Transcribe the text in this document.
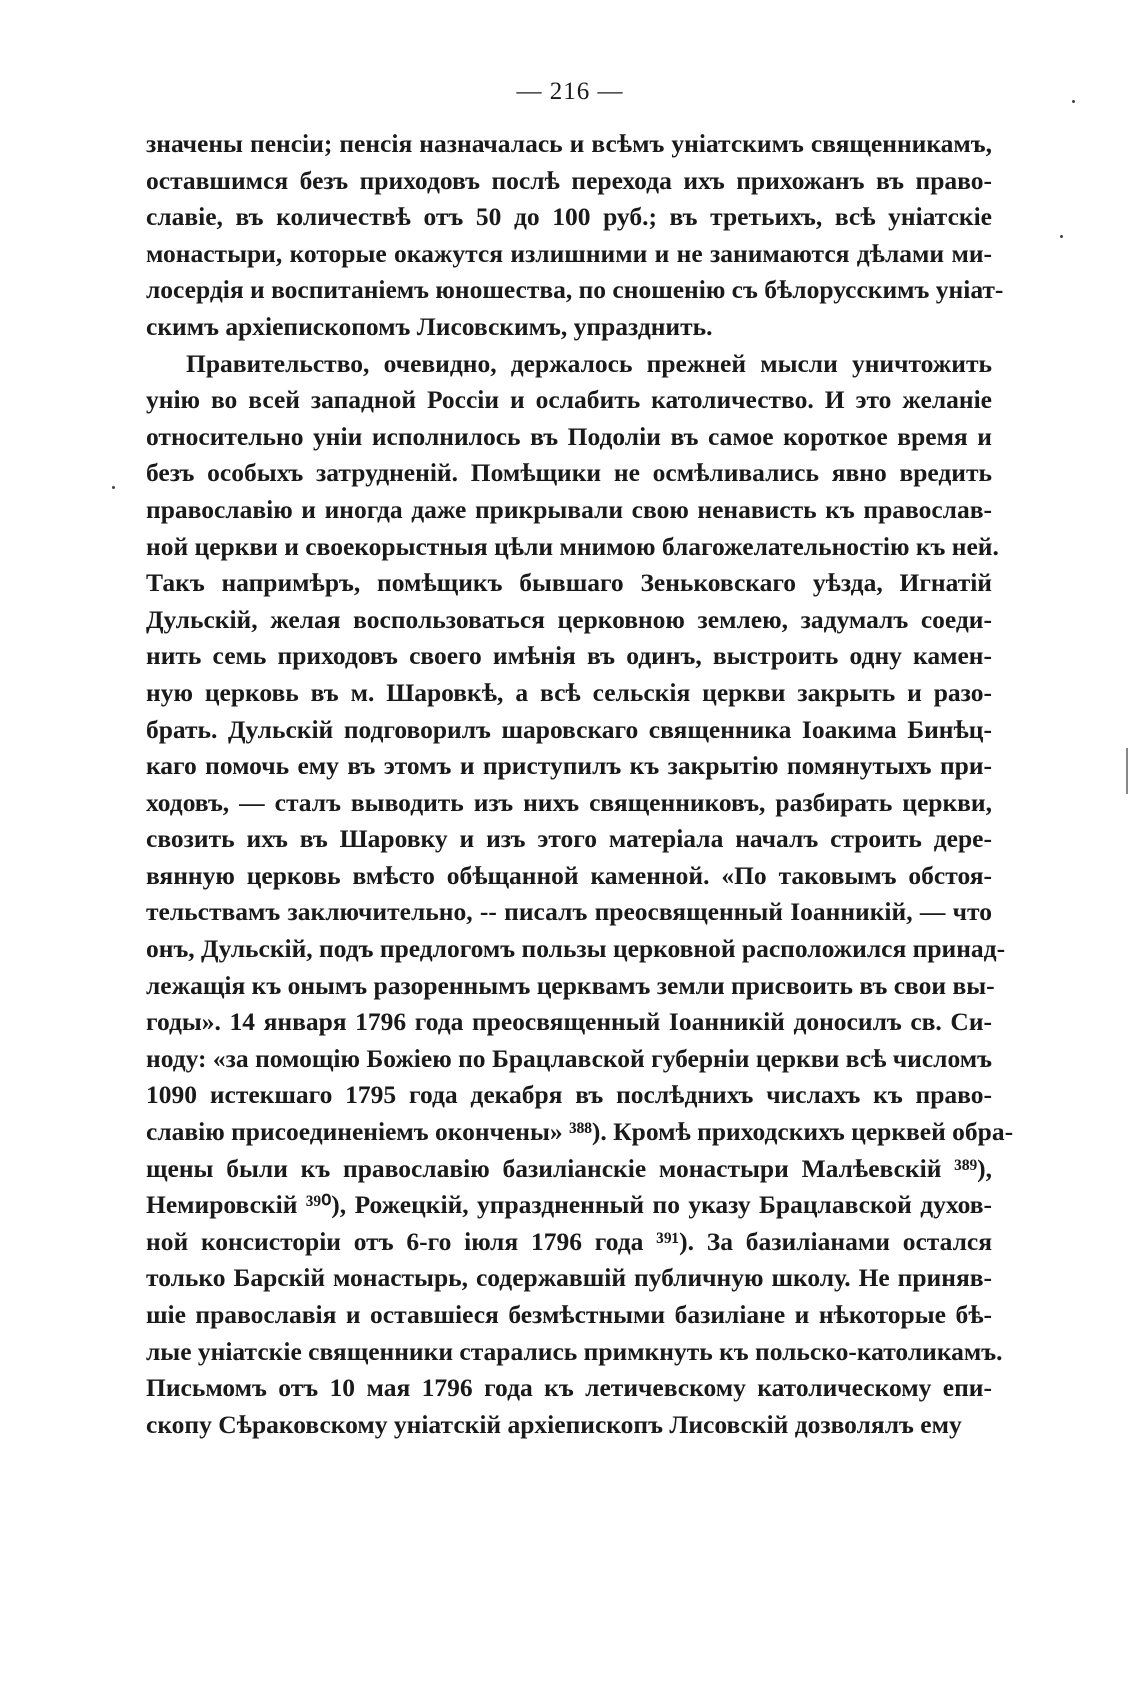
— 216 —
значены пенсіи; пенсія назначалась и всѣмъ уніатскимъ священникамъ,
оставшимся безъ приходовъ послѣ перехода ихъ прихожанъ въ право-
славіе, въ количествѣ отъ 50 до 100 руб.; въ третьихъ, всѣ уніатскіе
монастыри, которые окажутся излишними и не занимаются дѣлами ми-
лосердія и воспитаніемъ юношества, по сношенію съ бѣлорусскимъ уніат-
скимъ архіепископомъ Лисовскимъ, упразднить.
Правительство, очевидно, держалось прежней мысли уничтожить
унію во всей западной Россіи и ослабить католичество. И это желаніе
относительно уніи исполнилось въ Подоліи въ самое короткое время и
безъ особыхъ затрудненій. Помѣщики не осмѣливались явно вредить
православію и иногда даже прикрывали свою ненависть къ православ-
ной церкви и своекорыстныя цѣли мнимою благожелательностію къ ней.
Такъ напримѣръ, помѣщикъ бывшаго Зеньковскаго уѣзда, Игнатій
Дульскій, желая воспользоваться церковною землею, задумалъ соеди-
нить семь приходовъ своего имѣнія въ одинъ, выстроить одну камен-
ную церковь въ м. Шаровкѣ, а всѣ сельскія церкви закрыть и разо-
брать. Дульскій подговорилъ шаровскаго священника Іоакима Бинѣц-
каго помочь ему въ этомъ и приступилъ къ закрытію помянутыхъ при-
ходовъ, — сталъ выводить изъ нихъ священниковъ, разбирать церкви,
свозить ихъ въ Шаровку и изъ этого матеріала началъ строить дере-
вянную церковь вмѣсто обѣщанной каменной. «По таковымъ обстоя-
тельствамъ заключительно, -- писалъ преосвященный Іоанникій, — что
онъ, Дульскій, подъ предлогомъ пользы церковной расположился принад-
лежащія къ онымъ разореннымъ церквамъ земли присвоить въ свои вы-
годы». 14 января 1796 года преосвященный Іоанникій доносилъ св. Си-
ноду: «за помощію Божіею по Брацлавской губерніи церкви всѣ числомъ
1090 истекшаго 1795 года декабря въ послѣднихъ числахъ къ право-
славію присоединеніемъ окончены» ³⁸⁸). Кромѣ приходскихъ церквей обра-
щены были къ православію базиліанскіе монастыри Малѣевскій ³⁸⁹),
Немировскій ³⁹⁰), Рожецкій, упраздненный по указу Брацлавской духов-
ной консисторіи отъ 6-го іюля 1796 года ³⁹¹). За базиліанами остался
только Барскій монастырь, содержавшій публичную школу. Не приняв-
шіе православія и оставшіеся безмѣстными базиліане и нѣкоторые бѣ-
лые уніатскіе священники старались примкнуть къ польско-католикамъ.
Письмомъ отъ 10 мая 1796 года къ летичевскому католическому епи-
скопу Сѣраковскому уніатскій архіепископъ Лисовскій дозволялъ ему
